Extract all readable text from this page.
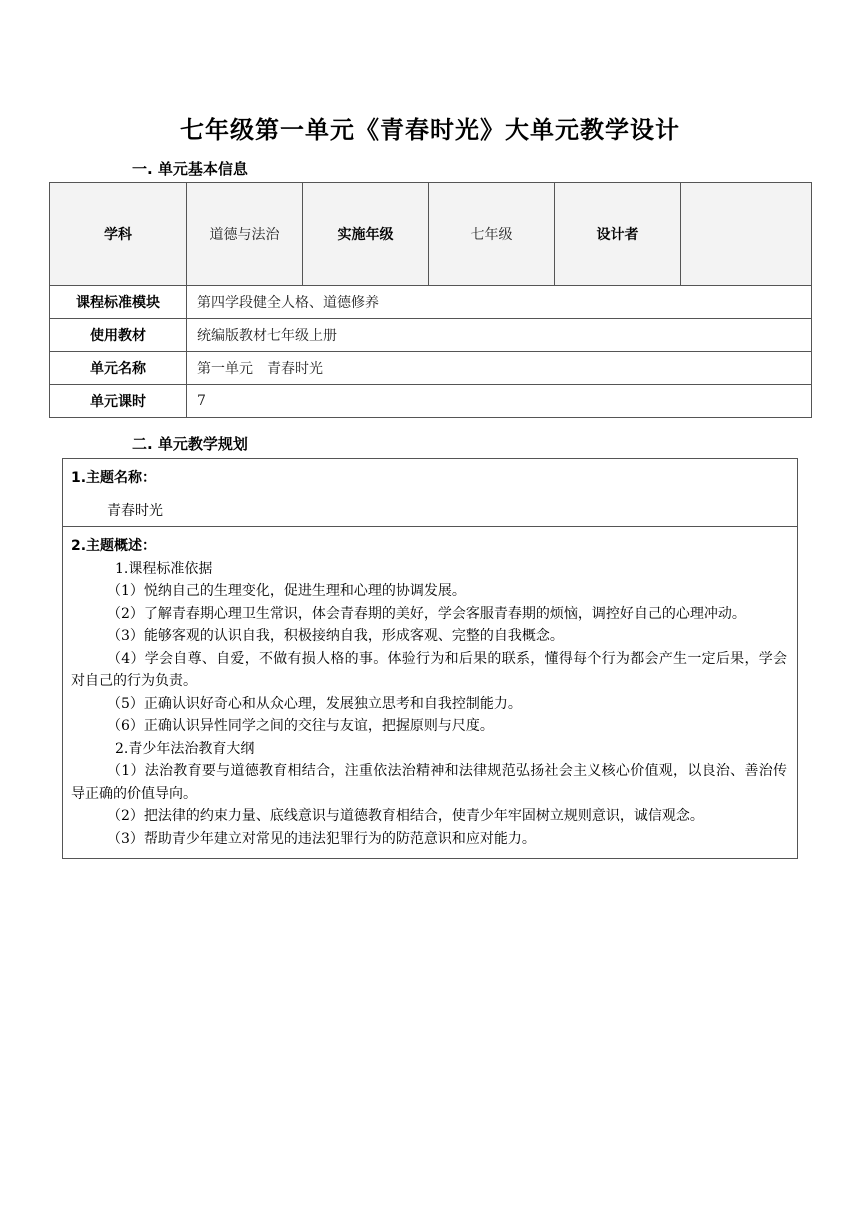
七年级第一单元《青春时光》大单元教学设计
一. 单元基本信息
学科	道德与法治	实施年级	七年级	设计者	
课程标准模块	第四学段健全人格、道德修养				
使用教材	统编版教材七年级上册				
单元名称	第一单元　青春时光				
单元课时	7				
二. 单元教学规划
1.主题名称：
青春时光
2.主题概述：
1.课程标准依据
（1）悦纳自己的生理变化，促进生理和心理的协调发展。
（2）了解青春期心理卫生常识，体会青春期的美好，学会客服青春期的烦恼，调控好自己的心理冲动。
（3）能够客观的认识自我，积极接纳自我，形成客观、完整的自我概念。
（4）学会自尊、自爱，不做有损人格的事。体验行为和后果的联系，懂得每个行为都会产生一定后果，学会对自己的行为负责。
（5）正确认识好奇心和从众心理，发展独立思考和自我控制能力。
（6）正确认识异性同学之间的交往与友谊，把握原则与尺度。
2.青少年法治教育大纲
（1）法治教育要与道德教育相结合，注重依法治精神和法律规范弘扬社会主义核心价值观，以良治、善治传导正确的价值导向。
（2）把法律的约束力量、底线意识与道德教育相结合，使青少年牢固树立规则意识，诚信观念。
（3）帮助青少年建立对常见的违法犯罪行为的防范意识和应对能力。
